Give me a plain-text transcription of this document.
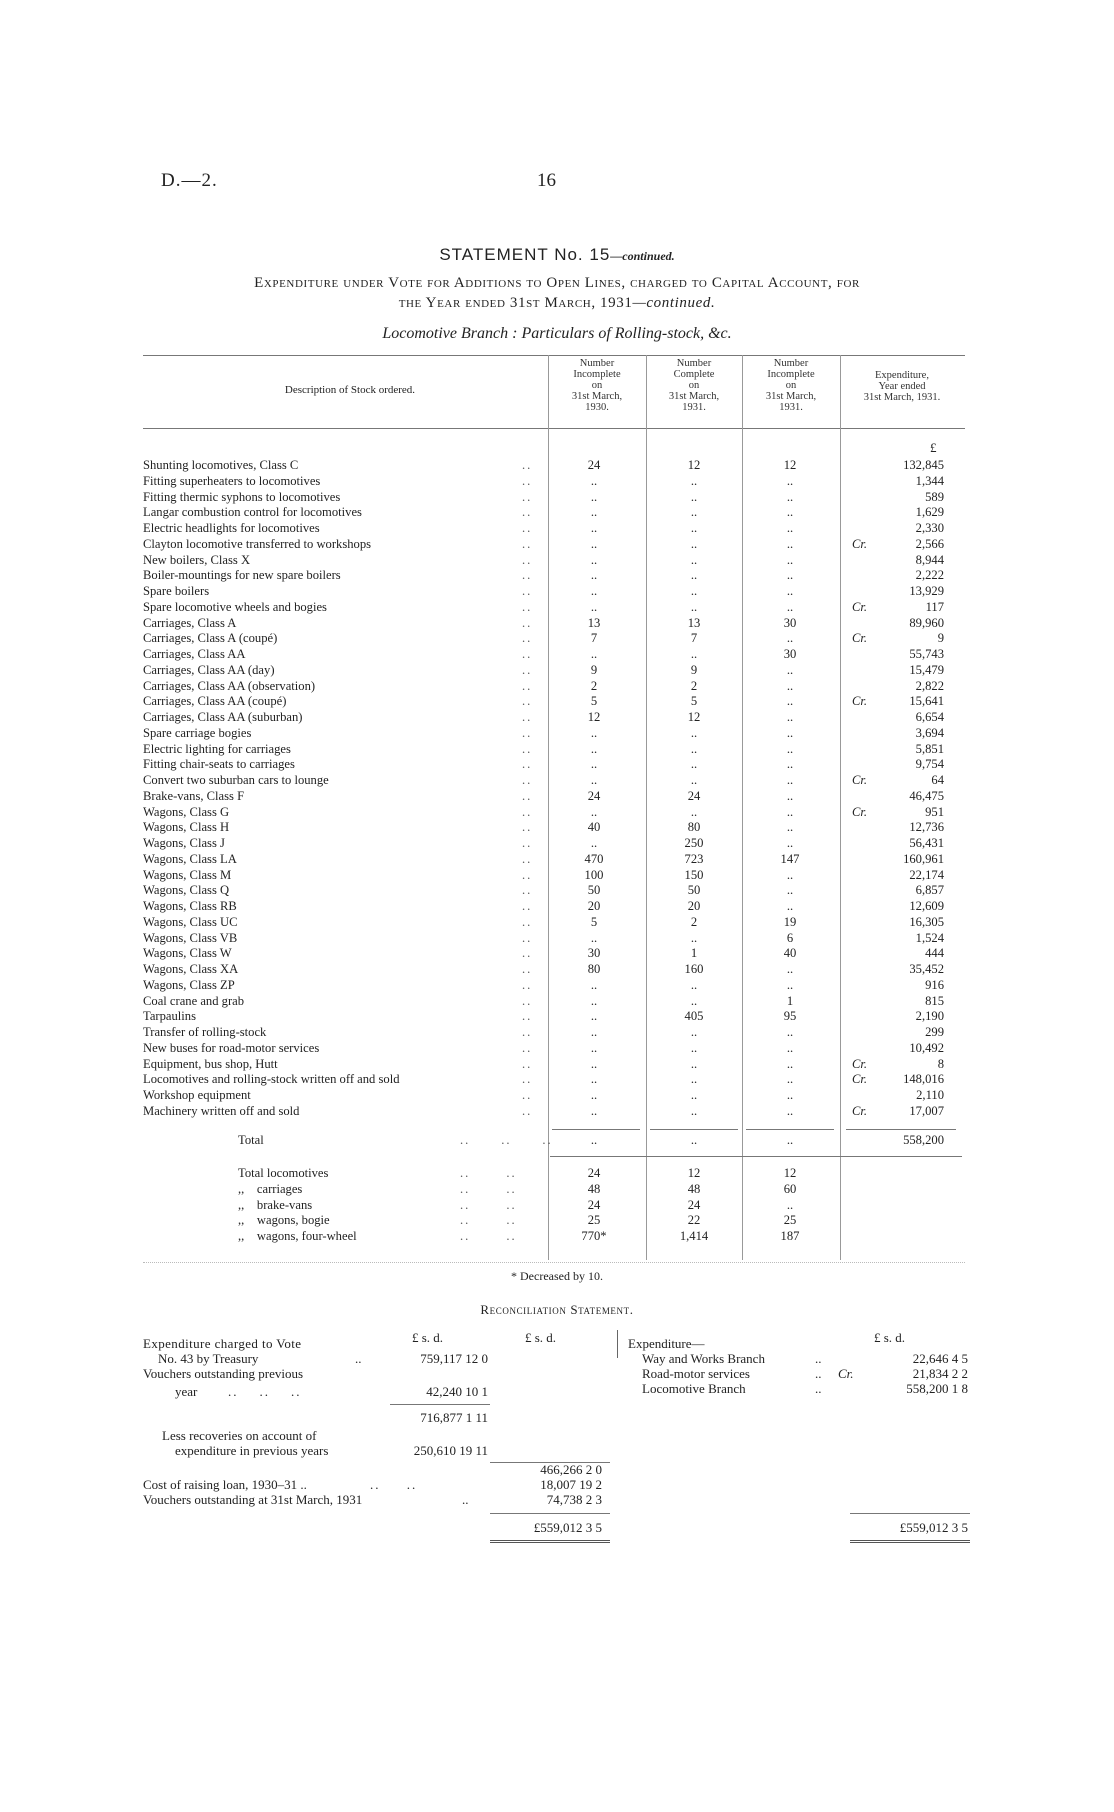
D.—2.	16
STATEMENT No. 15—continued.
Expenditure under Vote for Additions to Open Lines, charged to Capital Account, for
the Year ended 31st March, 1931—continued.
Locomotive Branch : Particulars of Rolling-stock, &c.
Description of Stock ordered.
Number
Incomplete
on
31st March,
1930.
Number
Complete
on
31st March,
1931.
Number
Incomplete
on
31st March,
1931.
Expenditure,
Year ended
31st March, 1931.
£
Shunting locomotives, Class C	24	12	12	132,845
..
Fitting superheaters to locomotives	..	..	..	1,344
..
Fitting thermic syphons to locomotives	..	..	..	589
..
Langar combustion control for locomotives	..	..	..	1,629
..
Electric headlights for locomotives	..	..	..	2,330
..
Clayton locomotive transferred to workshops	..	..	..	Cr.	2,566
..
New boilers, Class X	..	..	..	8,944
..
Boiler-mountings for new spare boilers	..	..	..	2,222
..
Spare boilers	..	..	..	13,929
..
Spare locomotive wheels and bogies	..	..	..	Cr.	117
..
Carriages, Class A	13	13	30	89,960
..
Carriages, Class A (coupé)	7	7	..	Cr.	9
..
Carriages, Class AA	..	..	30	55,743
..
Carriages, Class AA (day)	9	9	..	15,479
..
Carriages, Class AA (observation)	2	2	..	2,822
..
Carriages, Class AA (coupé)	5	5	..	Cr.	15,641
..
Carriages, Class AA (suburban)	12	12	..	6,654
..
Spare carriage bogies	..	..	..	3,694
..
Electric lighting for carriages	..	..	..	5,851
..
Fitting chair-seats to carriages	..	..	..	9,754
..
Convert two suburban cars to lounge	..	..	..	Cr.	64
..
Brake-vans, Class F	24	24	..	46,475
..
Wagons, Class G	..	..	..	Cr.	951
..
Wagons, Class H	40	80	..	12,736
..
Wagons, Class J	..	250	..	56,431
..
Wagons, Class LA	470	723	147	160,961
..
Wagons, Class M	100	150	..	22,174
..
Wagons, Class Q	50	50	..	6,857
..
Wagons, Class RB	20	20	..	12,609
..
Wagons, Class UC	5	2	19	16,305
..
Wagons, Class VB	..	..	6	1,524
..
Wagons, Class W	30	1	40	444
..
Wagons, Class XA	80	160	..	35,452
..
Wagons, Class ZP	..	..	..	916
..
Coal crane and grab	..	..	1	815
..
Tarpaulins	..	405	95	2,190
..
Transfer of rolling-stock	..	..	..	299
..
New buses for road-motor services	..	..	..	10,492
..
Equipment, bus shop, Hutt	..	..	..	Cr.	8
..
Locomotives and rolling-stock written off and sold	..	..	..	Cr.	148,016
..
Workshop equipment	..	..	..	2,110
..
Machinery written off and sold	..	..	..	Cr.	17,007
..
Total	..      ..      ..	..	..	..	558,200
Total locomotives	24	12	12
..       ..
,,    carriages	48	48	60
..       ..
,,    brake-vans	24	24	..
..       ..
,,    wagons, bogie	25	22	25
..       ..
,,    wagons, four-wheel	770*	1,414	187
..       ..
* Decreased by 10.
Reconciliation Statement.
£ s. d.	£ s. d.	£ s. d.
Expenditure charged to Vote
No. 43 by Treasury	..	759,117 12 0
Vouchers outstanding previous
year ..    ..    ..	42,240 10 1
716,877 1 11
Less recoveries on account of
expenditure in previous years	250,610 19 11
466,266 2 0
Cost of raising loan, 1930–31 ..	..     ..	18,007 19 2
Vouchers outstanding at 31st March, 1931	..	74,738 2 3
£559,012 3 5
Expenditure—
Way and Works Branch	..	22,646 4 5
Road-motor services	.. Cr.	21,834 2 2
Locomotive Branch	..	558,200 1 8
£559,012 3 5
